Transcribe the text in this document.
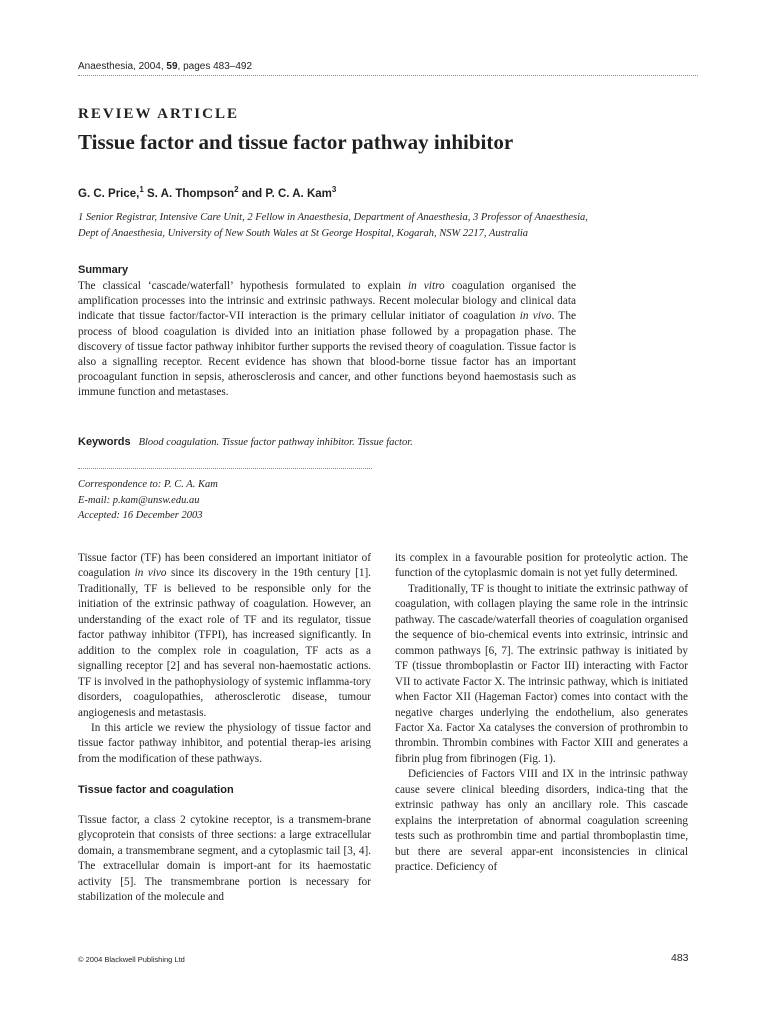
Anaesthesia, 2004, 59, pages 483–492
REVIEW ARTICLE
Tissue factor and tissue factor pathway inhibitor
G. C. Price,$^1$ S. A. Thompson$^2$ and P. C. A. Kam$^3$
1 Senior Registrar, Intensive Care Unit, 2 Fellow in Anaesthesia, Department of Anaesthesia, 3 Professor of Anaesthesia,
Dept of Anaesthesia, University of New South Wales at St George Hospital, Kogarah, NSW 2217, Australia
Summary

The classical ‘cascade/waterfall’ hypothesis formulated to explain in vitro coagulation organised the amplification processes into the intrinsic and extrinsic pathways. Recent molecular biology and clinical data indicate that tissue factor/factor-VII interaction is the primary cellular initiator of coagulation in vivo. The process of blood coagulation is divided into an initiation phase followed by a propagation phase. The discovery of tissue factor pathway inhibitor further supports the revised theory of coagulation. Tissue factor is also a signalling receptor. Recent evidence has shown that blood-borne tissue factor has an important procoagulant function in sepsis, atherosclerosis and cancer, and other functions beyond haemostasis such as immune function and metastases.

Keywords Blood coagulation. Tissue factor pathway inhibitor. Tissue factor.
Correspondence to: P. C. A. Kam
E-mail: p.kam@unsw.edu.au
Accepted: 16 December 2003

Tissue factor (TF) has been considered an important initiator of coagulation in vivo since its discovery in the 19th century [1]. Traditionally, TF is believed to be responsible only for the initiation of the extrinsic pathway of coagulation. However, an understanding of the exact role of TF and its regulator, tissue factor pathway inhibitor (TFPI), has increased significantly. In addition to the complex role in coagulation, TF acts as a signalling receptor [2] and has several non-haemostatic actions. TF is involved in the pathophysiology of systemic inflamma-tory disorders, coagulopathies, atherosclerotic disease, tumour angiogenesis and metastasis.

In this article we review the physiology of tissue factor and tissue factor pathway inhibitor, and potential therap-ies arising from the modification of these pathways.

Tissue factor and coagulation

Tissue factor, a class 2 cytokine receptor, is a transmem-brane glycoprotein that consists of three sections: a large extracellular domain, a transmembrane segment, and a cytoplasmic tail [3, 4]. The extracellular domain is import-ant for its haemostatic activity [5]. The transmembrane portion is necessary for stabilization of the molecule and

its complex in a favourable position for proteolytic action. The function of the cytoplasmic domain is not yet fully determined.

Traditionally, TF is thought to initiate the extrinsic pathway of coagulation, with collagen playing the same role in the intrinsic pathway. The cascade/waterfall theories of coagulation organised the sequence of bio-chemical events into extrinsic, intrinsic and common pathways [6, 7]. The extrinsic pathway is initiated by TF (tissue thromboplastin or Factor III) interacting with Factor VII to activate Factor X. The intrinsic pathway, which is initiated when Factor XII (Hageman Factor) comes into contact with the negative charges underlying the endothelium, also generates Factor Xa. Factor Xa catalyses the conversion of prothrombin to thrombin. Thrombin combines with Factor XIII and generates a fibrin plug from fibrinogen (Fig. 1).

Deficiencies of Factors VIII and IX in the intrinsic pathway cause severe clinical bleeding disorders, indica-ting that the extrinsic pathway has only an ancillary role. This cascade explains the interpretation of abnormal coagulation screening tests such as prothrombin time and partial thromboplastin time, but there are several appar-ent inconsistencies in clinical practice. Deficiency of

© 2004 Blackwell Publishing Ltd	483
